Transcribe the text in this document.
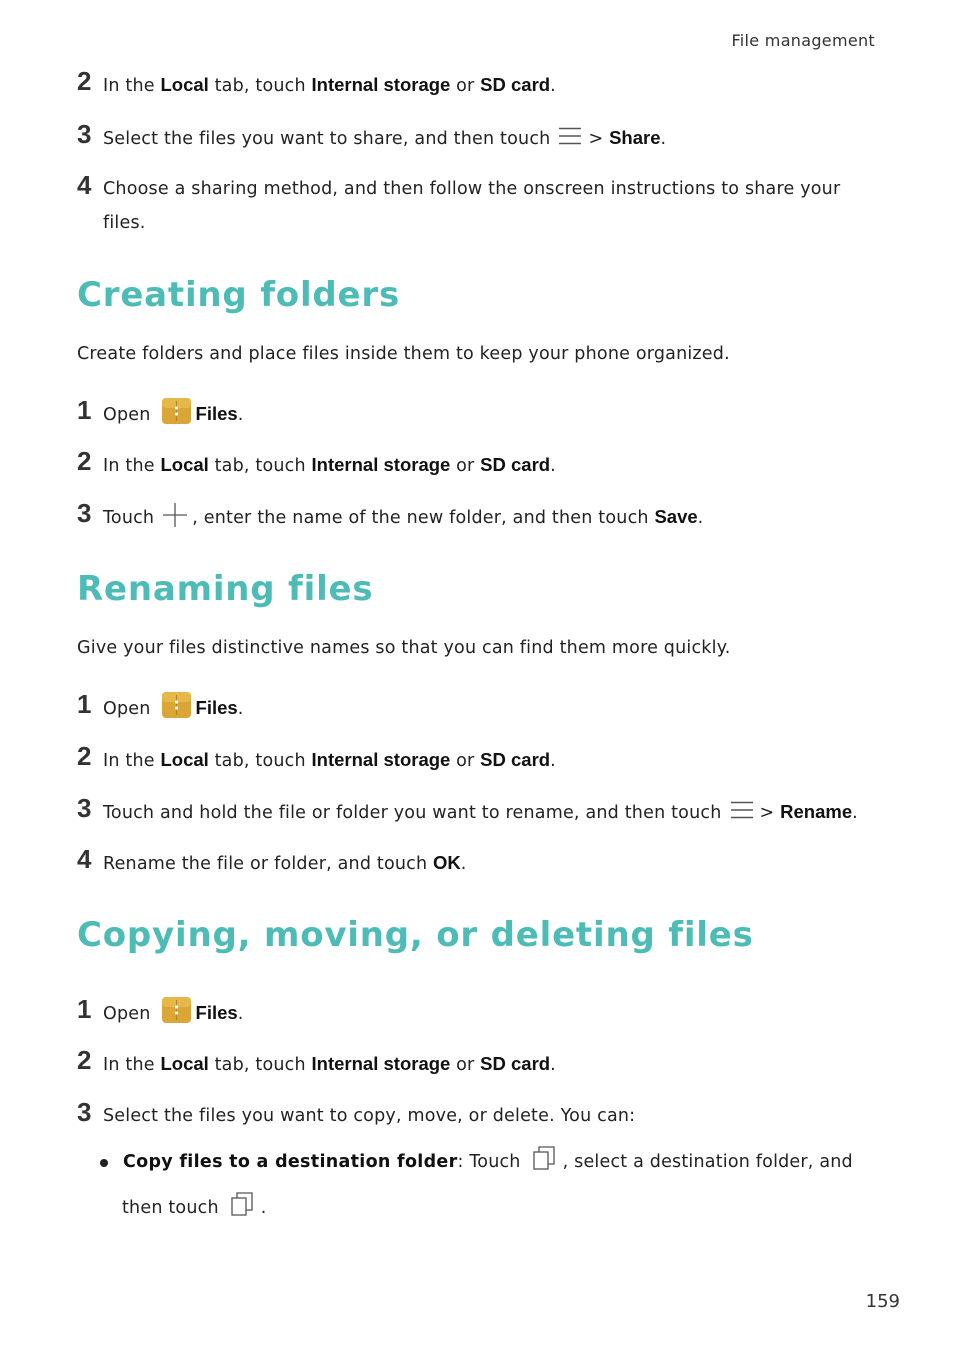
File management
2 In the Local tab, touch Internal storage or SD card.
3 Select the files you want to share, and then touch > Share.
4 Choose a sharing method, and then follow the onscreen instructions to share your files.
Creating folders
Create folders and place files inside them to keep your phone organized.
1 Open Files.
2 In the Local tab, touch Internal storage or SD card.
3 Touch , enter the name of the new folder, and then touch Save.
Renaming files
Give your files distinctive names so that you can find them more quickly.
1 Open Files.
2 In the Local tab, touch Internal storage or SD card.
3 Touch and hold the file or folder you want to rename, and then touch > Rename.
4 Rename the file or folder, and touch OK.
Copying, moving, or deleting files
1 Open Files.
2 In the Local tab, touch Internal storage or SD card.
3 Select the files you want to copy, move, or delete. You can:
Copy files to a destination folder: Touch , select a destination folder, and
then touch .
159
